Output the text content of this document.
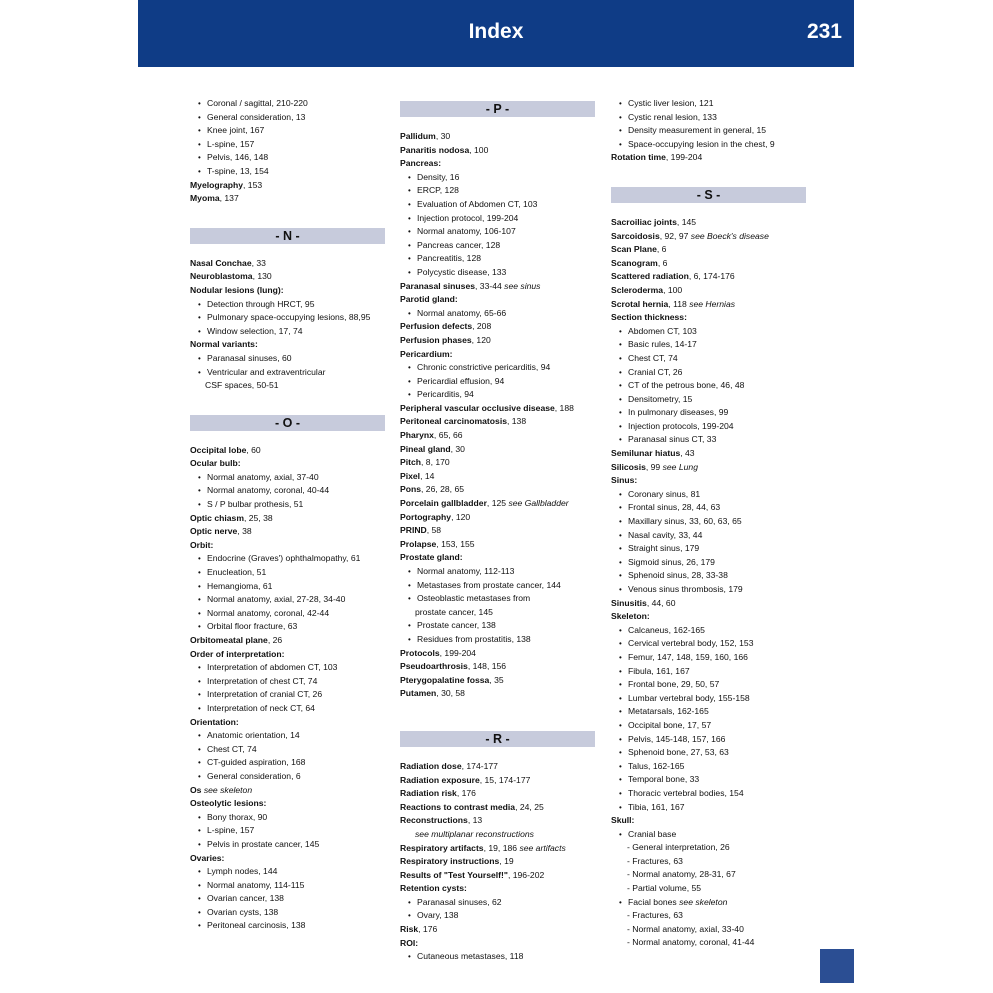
Index	231
• Coronal / sagittal, 210-220
• General consideration, 13
• Knee joint, 167
• L-spine, 157
• Pelvis, 146, 148
• T-spine, 13, 154
Myelography, 153
Myoma, 137
- N -
Nasal Conchae, 33
Neuroblastoma, 130
Nodular lesions (lung):
• Detection through HRCT, 95
• Pulmonary space-occupying lesions, 88,95
• Window selection, 17, 74
Normal variants:
• Paranasal sinuses, 60
• Ventricular and extraventricular
CSF spaces, 50-51
- O -
Occipital lobe, 60
Ocular bulb:
• Normal anatomy, axial, 37-40
• Normal anatomy, coronal, 40-44
• S / P bulbar prothesis, 51
Optic chiasm, 25, 38
Optic nerve, 38
Orbit:
• Endocrine (Graves') ophthalmopathy, 61
• Enucleation, 51
• Hemangioma, 61
• Normal anatomy, axial, 27-28, 34-40
• Normal anatomy, coronal, 42-44
• Orbital floor fracture, 63
Orbitomeatal plane, 26
Order of interpretation:
• Interpretation of abdomen CT, 103
• Interpretation of chest CT, 74
• Interpretation of cranial CT, 26
• Interpretation of neck CT, 64
Orientation:
• Anatomic orientation, 14
• Chest CT, 74
• CT-guided aspiration, 168
• General consideration, 6
Os see skeleton
Osteolytic lesions:
• Bony thorax, 90
• L-spine, 157
• Pelvis in prostate cancer, 145
Ovaries:
• Lymph nodes, 144
• Normal anatomy, 114-115
• Ovarian cancer, 138
• Ovarian cysts, 138
• Peritoneal carcinosis, 138
- P -
Pallidum, 30
Panaritis nodosa, 100
Pancreas:
• Density, 16
• ERCP, 128
• Evaluation of Abdomen CT, 103
• Injection protocol, 199-204
• Normal anatomy, 106-107
• Pancreas cancer, 128
• Pancreatitis, 128
• Polycystic disease, 133
Paranasal sinuses, 33-44 see sinus
Parotid gland:
• Normal anatomy, 65-66
Perfusion defects, 208
Perfusion phases, 120
Pericardium:
• Chronic constrictive pericarditis, 94
• Pericardial effusion, 94
• Pericarditis, 94
Peripheral vascular occlusive disease, 188
Peritoneal carcinomatosis, 138
Pharynx, 65, 66
Pineal gland, 30
Pitch, 8, 170
Pixel, 14
Pons, 26, 28, 65
Porcelain gallbladder, 125 see Gallbladder
Portography, 120
PRIND, 58
Prolapse, 153, 155
Prostate gland:
• Normal anatomy, 112-113
• Metastases from prostate cancer, 144
• Osteoblastic metastases from
prostate cancer, 145
• Prostate cancer, 138
• Residues from prostatitis, 138
Protocols, 199-204
Pseudoarthrosis, 148, 156
Pterygopalatine fossa, 35
Putamen, 30, 58
- R -
Radiation dose, 174-177
Radiation exposure, 15, 174-177
Radiation risk, 176
Reactions to contrast media, 24, 25
Reconstructions, 13
see multiplanar reconstructions
Respiratory artifacts, 19, 186 see artifacts
Respiratory instructions, 19
Results of "Test Yourself!", 196-202
Retention cysts:
• Paranasal sinuses, 62
• Ovary, 138
Risk, 176
ROI:
• Cutaneous metastases, 118
• Cystic liver lesion, 121
• Cystic renal lesion, 133
• Density measurement in general, 15
• Space-occupying lesion in the chest, 9
Rotation time, 199-204
- S -
Sacroiliac joints, 145
Sarcoidosis, 92, 97 see Boeck's disease
Scan Plane, 6
Scanogram, 6
Scattered radiation, 6, 174-176
Scleroderma, 100
Scrotal hernia, 118 see Hernias
Section thickness:
• Abdomen CT, 103
• Basic rules, 14-17
• Chest CT, 74
• Cranial CT, 26
• CT of the petrous bone, 46, 48
• Densitometry, 15
• In pulmonary diseases, 99
• Injection protocols, 199-204
• Paranasal sinus CT, 33
Semilunar hiatus, 43
Silicosis, 99 see Lung
Sinus:
• Coronary sinus, 81
• Frontal sinus, 28, 44, 63
• Maxillary sinus, 33, 60, 63, 65
• Nasal cavity, 33, 44
• Straight sinus, 179
• Sigmoid sinus, 26, 179
• Sphenoid sinus, 28, 33-38
• Venous sinus thrombosis, 179
Sinusitis, 44, 60
Skeleton:
• Calcaneus, 162-165
• Cervical vertebral body, 152, 153
• Femur, 147, 148, 159, 160, 166
• Fibula, 161, 167
• Frontal bone, 29, 50, 57
• Lumbar vertebral body, 155-158
• Metatarsals, 162-165
• Occipital bone, 17, 57
• Pelvis, 145-148, 157, 166
• Sphenoid bone, 27, 53, 63
• Talus, 162-165
• Temporal bone, 33
• Thoracic vertebral bodies, 154
• Tibia, 161, 167
Skull:
• Cranial base
- General interpretation, 26
- Fractures, 63
- Normal anatomy, 28-31, 67
- Partial volume, 55
• Facial bones see skeleton
- Fractures, 63
- Normal anatomy, axial, 33-40
- Normal anatomy, coronal, 41-44
